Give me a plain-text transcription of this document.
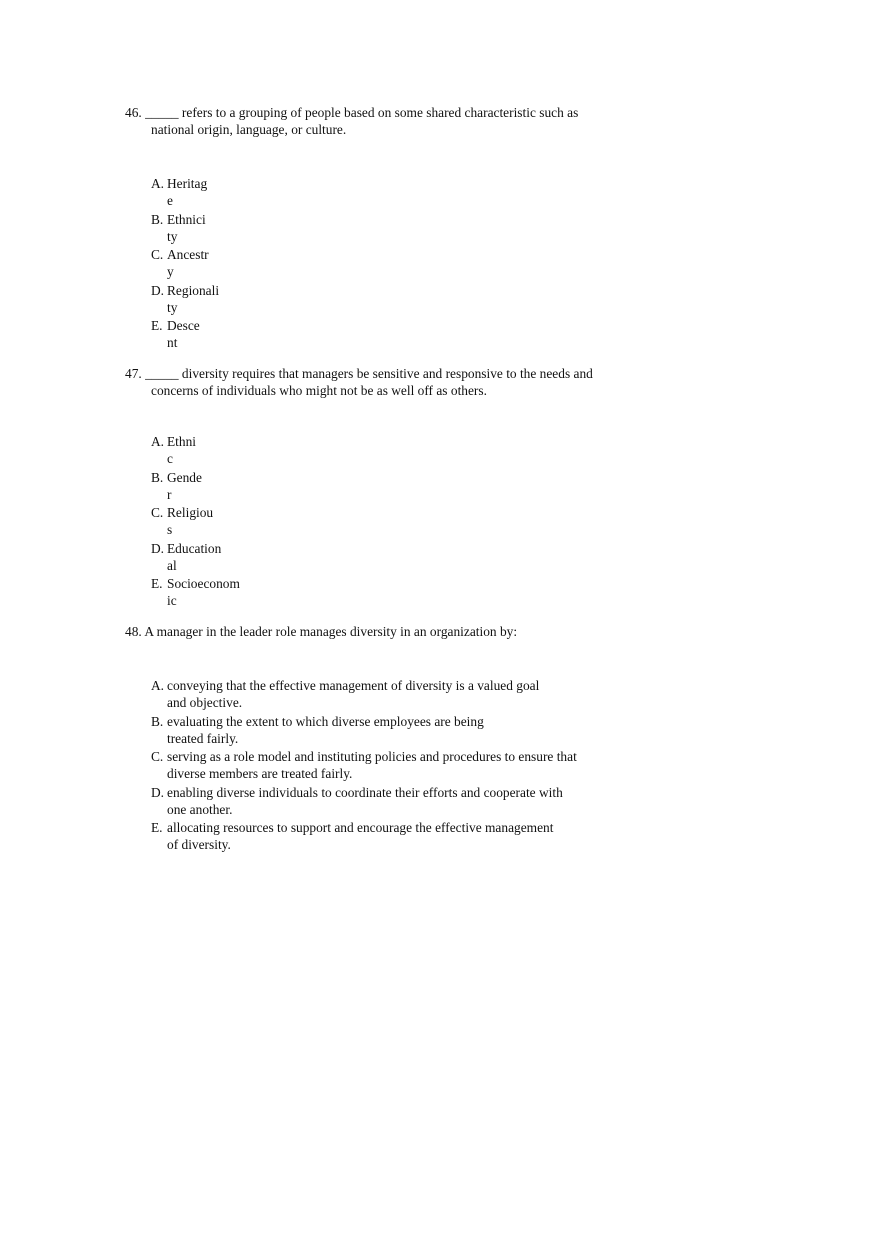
46. _____ refers to a grouping of people based on some shared characteristic such as
national origin, language, or culture.
A. Heritag
e
B. Ethnici
ty
C. Ancestr
y
D. Regionali
ty
E. Desce
nt
47. _____ diversity requires that managers be sensitive and responsive to the needs and
concerns of individuals who might not be as well off as others.
A. Ethni
c
B. Gende
r
C. Religiou
s
D. Education
al
E. Socioeconom
ic
48. A manager in the leader role manages diversity in an organization by:
A. conveying that the effective management of diversity is a valued goal
and objective.
B. evaluating the extent to which diverse employees are being
treated fairly.
C. serving as a role model and instituting policies and procedures to ensure that
diverse members are treated fairly.
D. enabling diverse individuals to coordinate their efforts and cooperate with
one another.
E. allocating resources to support and encourage the effective management
of diversity.
